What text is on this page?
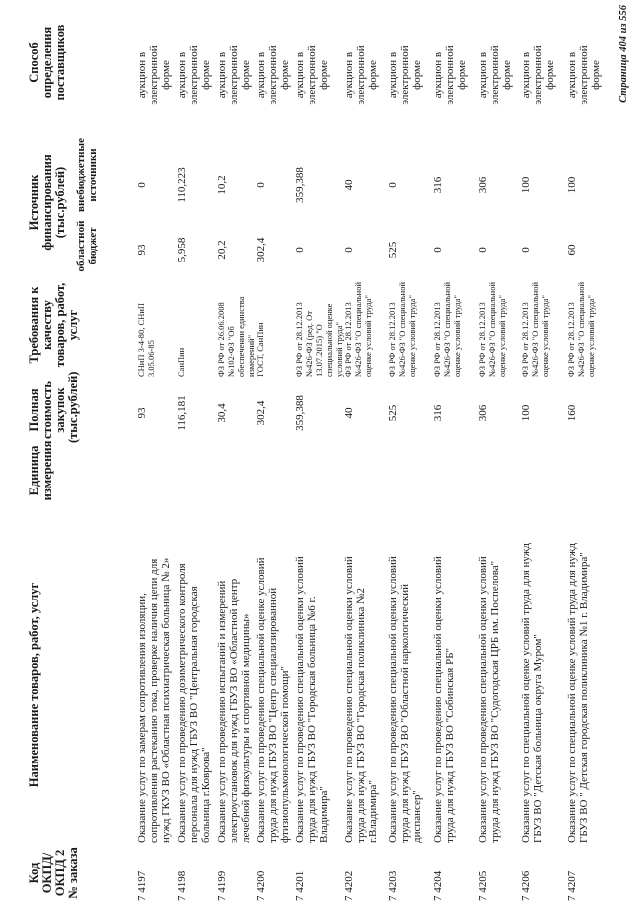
Код ОКПД/ ОКПД 2 № заказа
Наименование товаров, работ, услуг
Единица измерения
Полная стоимость закупок (тыс.рублей)
Требования к качеству товаров, работ, услуг
Источник финансирования (тыс.рублей)
областной бюджет
внебюджетные источники
Способ определения поставщиков
7 4197
Оказание услуг по замерам сопротивления изоляции, сопротивления растеканию тока, проверке наличия цепи для нужд ГКУЗ ВО «Областная психиатрическая больница № 2»
93
СНиП 3-4-80, СНиП 3.05.06-85
93
0
аукцион в электронной форме
7 4198
Оказание услуг по проведению дозиметрического контроля персонала для нужд ГБУЗ ВО "Центральная городская больница г.Коврова"
116,181
СанПин
5,958
110,223
аукцион в электронной форме
7 4199
Оказание услуг по проведению испытаний и измерений электроустановок для нужд ГБУЗ ВО «Областной центр лечебной физкультуры и спортивной медицины»
30,4
ФЗ РФ от 26.06.2008 №102-ФЗ "Об обеспечении единства измерений"
20,2
10,2
аукцион в электронной форме
7 4200
Оказание услуг по проведению специальной оценке условий труда для нужд ГБУЗ ВО "Центр специализированной фтизиопульмонологической помощи"
302,4
ГОСТ, СанПин
302,4
0
аукцион в электронной форме
7 4201
Оказание услуг по проведению специальной оценки условий труда для нужд ГБУЗ ВО "Городская больница №6 г. Владимира"
359,388
ФЗ РФ от 28.12.2013 №426-ФЗ (ред. От 13.07.2015) "О специальной оценке условий труда"
0
359,388
аукцион в электронной форме
7 4202
Оказание услуг по проведению специальной оценки условий труда для нужд ГБУЗ ВО "Городская поликлиника №2 г.Владимира"
40
ФЗ РФ от 28.12.2013 №426-ФЗ "О специальной оценке условий труда"
0
40
аукцион в электронной форме
7 4203
Оказание услуг по проведению специальной оценки условий труда для нужд ГБУЗ ВО "Областной наркологический диспансер"
525
ФЗ РФ от 28.12.2013 №426-ФЗ "О специальной оценке условий труда"
525
0
аукцион в электронной форме
7 4204
Оказание услуг по проведению специальной оценки условий труда для нужд ГБУЗ ВО "Собинская РБ"
316
ФЗ РФ от 28.12.2013 №426-ФЗ "О специальной оценке условий труда"
0
316
аукцион в электронной форме
7 4205
Оказание услуг по проведению специальной оценки условий труда для нужд ГБУЗ ВО "Судогодская ЦРБ им. Поспелова"
306
ФЗ РФ от 28.12.2013 №426-ФЗ "О специальной оценке условий труда"
0
306
аукцион в электронной форме
7 4206
Оказание услуг по специальной оценке условий труда для нужд ГБУЗ ВО "Детская больница округа Муром"
100
ФЗ РФ от 28.12.2013 №426-ФЗ "О специальной оценке условий труда"
0
100
аукцион в электронной форме
7 4207
Оказание услуг по специальной оценке условий труда для нужд ГБУЗ ВО " Детская городская поликлиника №1 г. Владимира"
160
ФЗ РФ от 28.12.2013 №426-ФЗ "О специальной оценке условий труда"
60
100
аукцион в электронной форме Страница 404 из 556
